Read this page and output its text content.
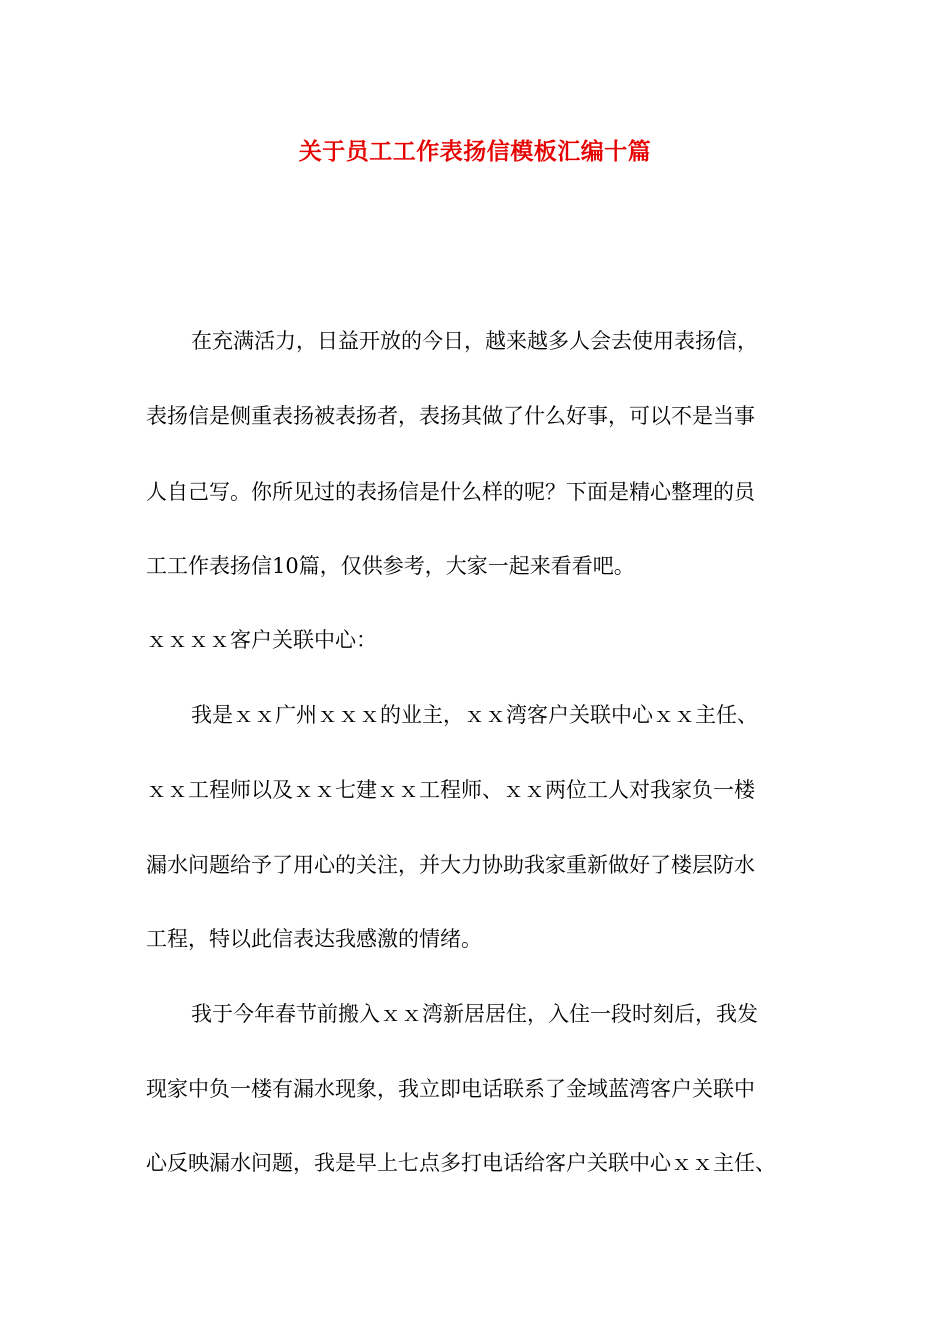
关于员工工作表扬信模板汇编十篇

在充满活力，日益开放的今日，越来越多人会去使用表扬信，

表扬信是侧重表扬被表扬者，表扬其做了什么好事，可以不是当事

人自己写。你所见过的表扬信是什么样的呢？下面是精心整理的员

工工作表扬信10篇，仅供参考，大家一起来看看吧。

ｘｘｘｘ客户关联中心：

我是ｘｘ广州ｘｘｘ的业主，ｘｘ湾客户关联中心ｘｘ主任、

ｘｘ工程师以及ｘｘ七建ｘｘ工程师、ｘｘ两位工人对我家负一楼

漏水问题给予了用心的关注，并大力协助我家重新做好了楼层防水

工程，特以此信表达我感激的情绪。

我于今年春节前搬入ｘｘ湾新居居住，入住一段时刻后，我发

现家中负一楼有漏水现象，我立即电话联系了金域蓝湾客户关联中

心反映漏水问题，我是早上七点多打电话给客户关联中心ｘｘ主任、
